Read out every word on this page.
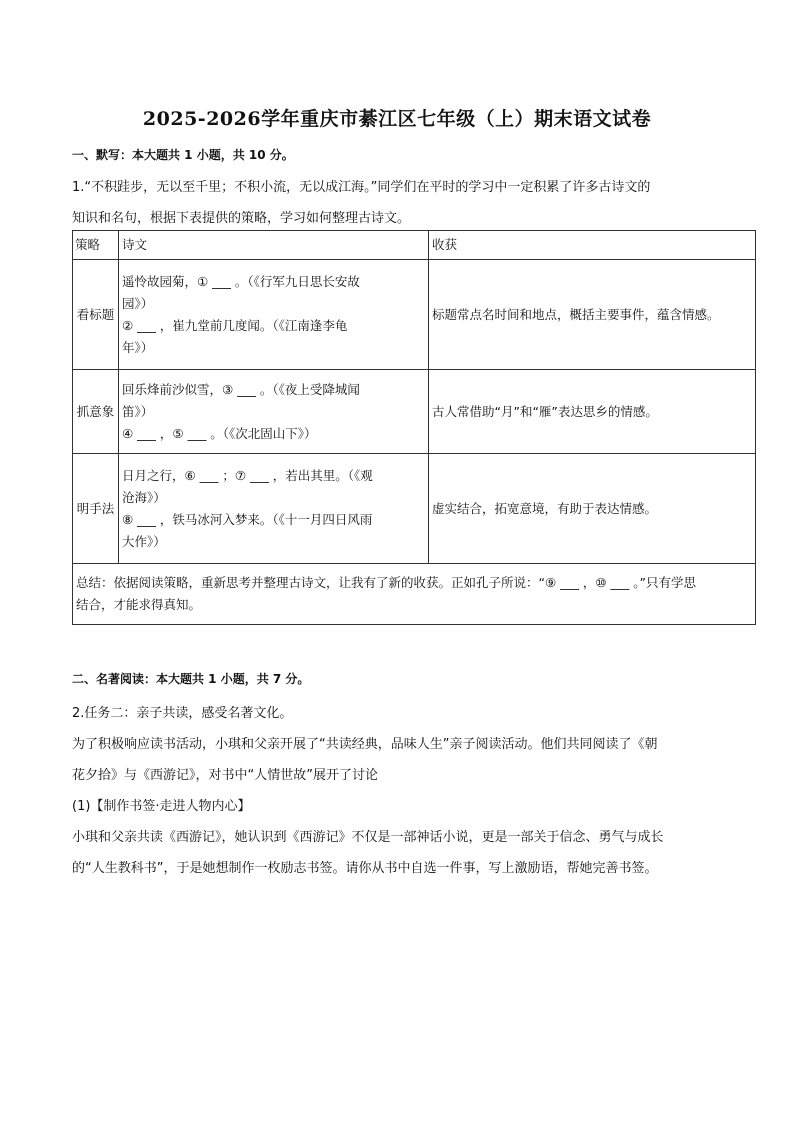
2025-2026学年重庆市綦江区七年级（上）期末语文试卷
一、默写：本大题共 1 小题，共 10 分。
1.“不积跬步，无以至千里；不积小流，无以成江海。”同学们在平时的学习中一定积累了许多古诗文的
知识和名句，根据下表提供的策略，学习如何整理古诗文。
策略	诗文	收获
看标题	遥怜故园菊，① ___ 。（《行军九日思长安故
园》）
② ___ ，崔九堂前几度闻。（《江南逢李龟
年》）	标题常点名时间和地点，概括主要事件，蕴含情感。
抓意象	回乐烽前沙似雪，③ ___ 。（《夜上受降城闻
笛》）
④ ___ ，⑤ ___ 。（《次北固山下》）	古人常借助“月”和“雁”表达思乡的情感。
明手法	日月之行，⑥ ___ ；⑦ ___ ，若出其里。（《观
沧海》）
⑧ ___ ，铁马冰河入梦来。（《十一月四日风雨
大作》）	虚实结合，拓宽意境，有助于表达情感。

总结：依据阅读策略，重新思考并整理古诗文，让我有了新的收获。正如孔子所说：“⑨ ___ ，⑩ ___ 。”只有学思
结合，才能求得真知。		
二、名著阅读：本大题共 1 小题，共 7 分。
2.任务二：亲子共读，感受名著文化。
为了积极响应读书活动，小琪和父亲开展了“共读经典，品味人生”亲子阅读活动。他们共同阅读了《朝
花夕拾》与《西游记》，对书中“人情世故”展开了讨论
(1)【制作书签·走进人物内心】
小琪和父亲共读《西游记》，她认识到《西游记》不仅是一部神话小说，更是一部关于信念、勇气与成长
的“人生教科书”，于是她想制作一枚励志书签。请你从书中自选一件事，写上激励语，帮她完善书签。
